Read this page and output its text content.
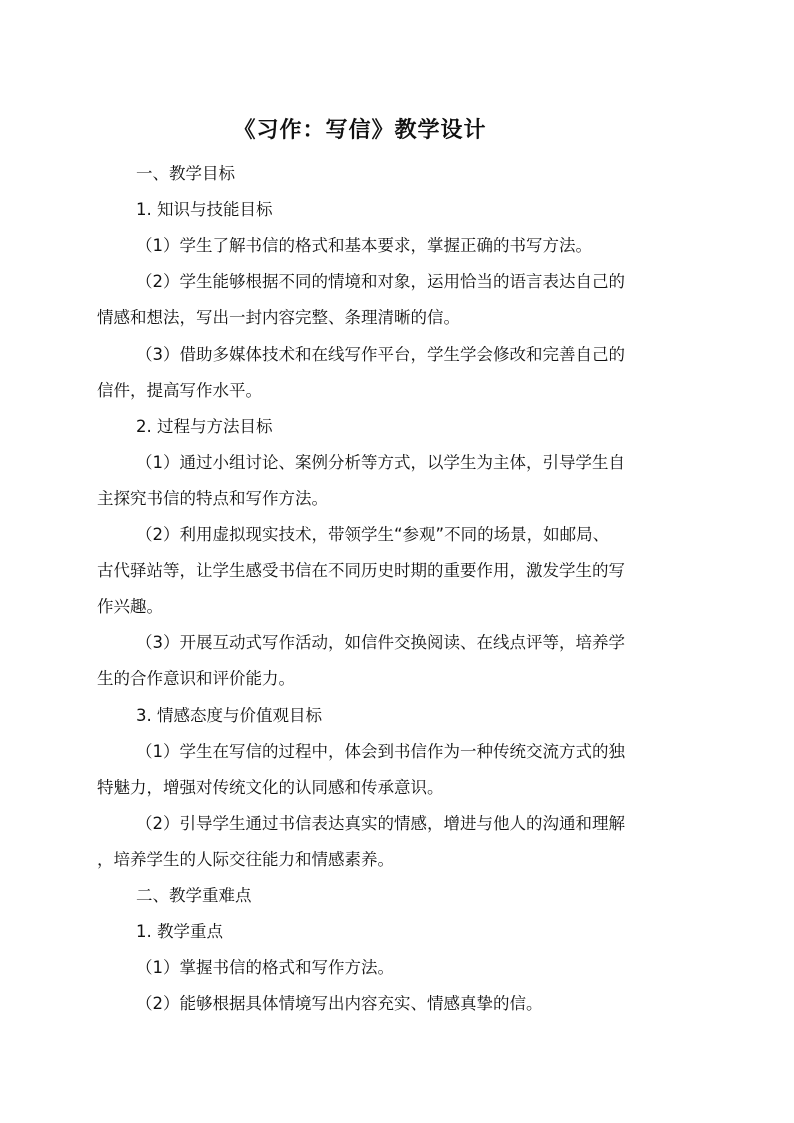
《习作：写信》教学设计
一、教学目标
1. 知识与技能目标
（1）学生了解书信的格式和基本要求，掌握正确的书写方法。
（2）学生能够根据不同的情境和对象，运用恰当的语言表达自己的
情感和想法，写出一封内容完整、条理清晰的信。
（3）借助多媒体技术和在线写作平台，学生学会修改和完善自己的
信件，提高写作水平。
2. 过程与方法目标
（1）通过小组讨论、案例分析等方式，以学生为主体，引导学生自
主探究书信的特点和写作方法。
（2）利用虚拟现实技术，带领学生“参观”不同的场景，如邮局、
古代驿站等，让学生感受书信在不同历史时期的重要作用，激发学生的写
作兴趣。
（3）开展互动式写作活动，如信件交换阅读、在线点评等，培养学
生的合作意识和评价能力。
3. 情感态度与价值观目标
（1）学生在写信的过程中，体会到书信作为一种传统交流方式的独
特魅力，增强对传统文化的认同感和传承意识。
（2）引导学生通过书信表达真实的情感，增进与他人的沟通和理解
，培养学生的人际交往能力和情感素养。
二、教学重难点
1. 教学重点
（1）掌握书信的格式和写作方法。
（2）能够根据具体情境写出内容充实、情感真挚的信。
